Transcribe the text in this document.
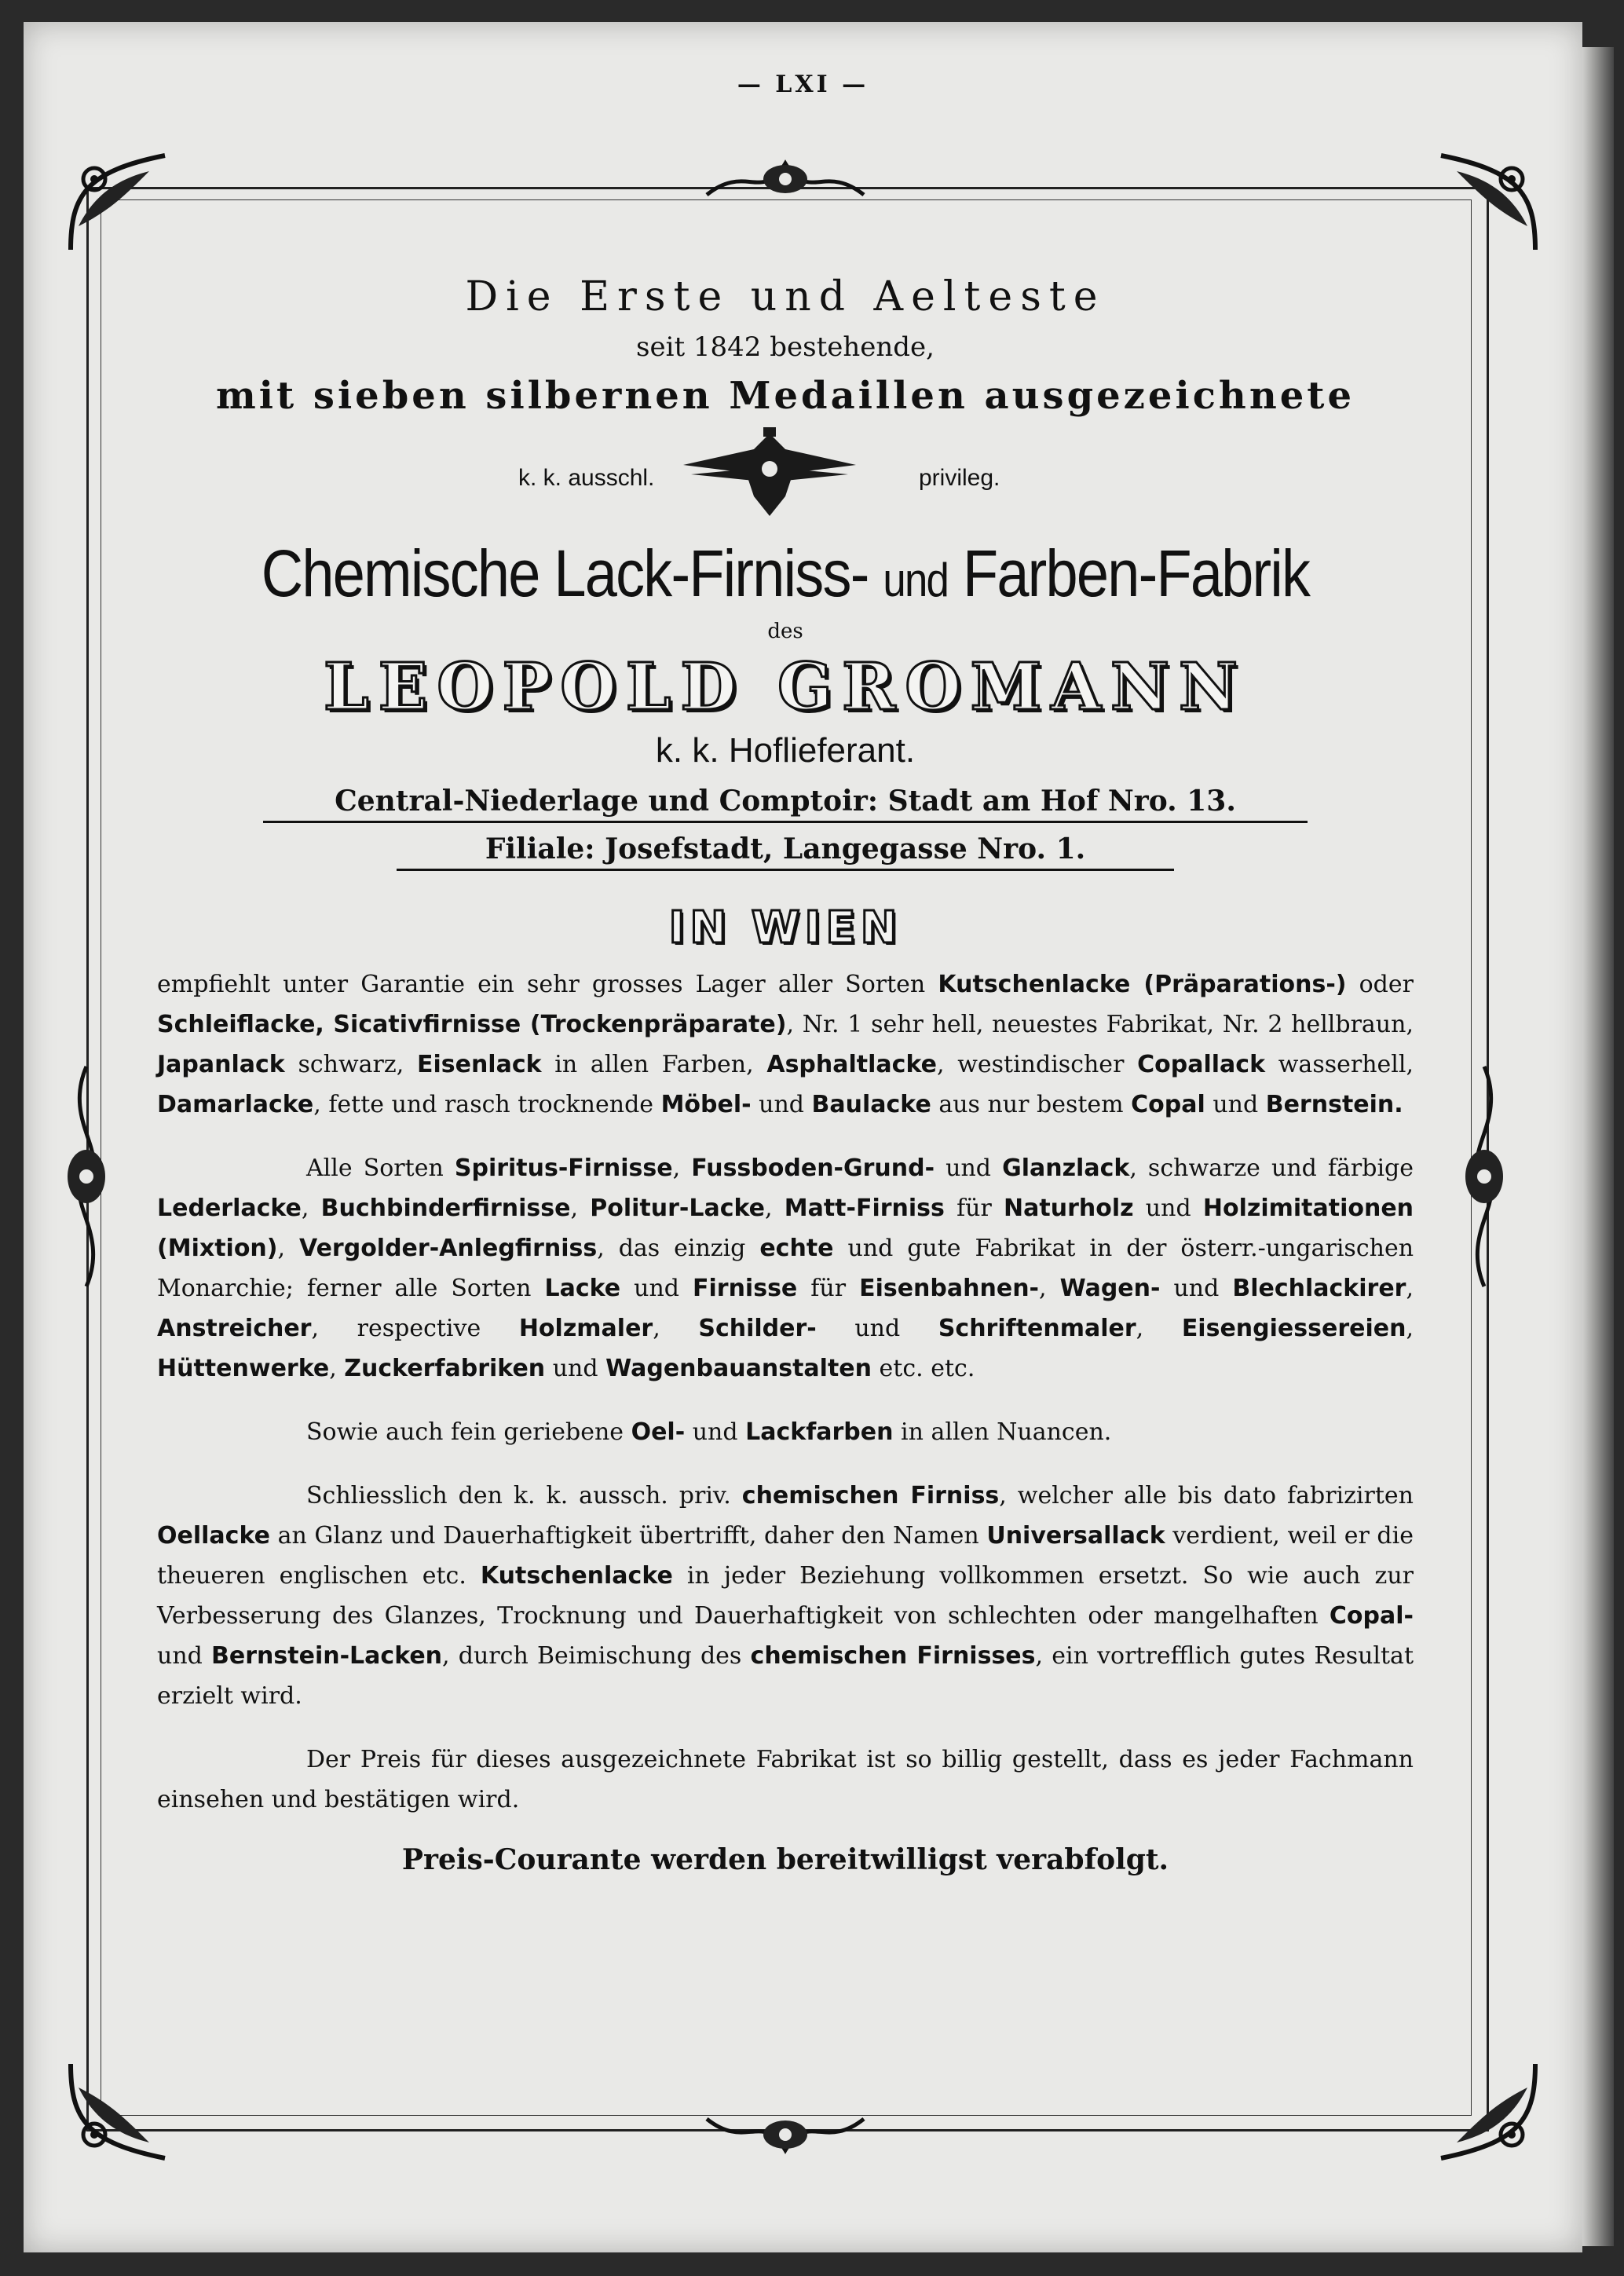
— LXI —
Die Erste und Aelteste
seit 1842 bestehende,
mit sieben silbernen Medaillen ausgezeichnete
k. k. ausschl.	privileg.
Chemische Lack-Firniss- und Farben-Fabrik
des
LEOPOLD GROMANN
k. k. Hoflieferant.
Central-Niederlage und Comptoir: Stadt am Hof Nro. 13.
Filiale: Josefstadt, Langegasse Nro. 1.
IN WIEN

empfiehlt unter Garantie ein sehr grosses Lager aller Sorten Kutschenlacke (Präparations-) oder Schleiflacke, Sicativfirnisse (Trockenpräparate), Nr. 1 sehr hell, neuestes Fabrikat, Nr. 2 hellbraun, Japanlack schwarz, Eisenlack in allen Farben, Asphaltlacke, westindischer Copallack wasserhell, Damarlacke, fette und rasch trocknende Möbel- und Baulacke aus nur bestem Copal und Bernstein.

Alle Sorten Spiritus-Firnisse, Fussboden-Grund- und Glanzlack, schwarze und färbige Lederlacke, Buchbinderfirnisse, Politur-Lacke, Matt-Firniss für Naturholz und Holzimitationen (Mixtion), Vergolder-Anlegfirniss, das einzig echte und gute Fabrikat in der österr.-ungarischen Monarchie; ferner alle Sorten Lacke und Firnisse für Eisenbahnen-, Wagen- und Blechlackirer, Anstreicher, respective Holzmaler, Schilder- und Schriftenmaler, Eisengiessereien, Hüttenwerke, Zuckerfabriken und Wagenbauanstalten etc. etc.

Sowie auch fein geriebene Oel- und Lackfarben in allen Nuancen.

Schliesslich den k. k. aussch. priv. chemischen Firniss, welcher alle bis dato fabrizirten Oellacke an Glanz und Dauerhaftigkeit übertrifft, daher den Namen Universallack verdient, weil er die theueren englischen etc. Kutschenlacke in jeder Beziehung vollkommen ersetzt. So wie auch zur Verbesserung des Glanzes, Trocknung und Dauerhaftigkeit von schlechten oder mangelhaften Copal- und Bernstein-Lacken, durch Beimischung des chemischen Firnisses, ein vortrefflich gutes Resultat erzielt wird.

Der Preis für dieses ausgezeichnete Fabrikat ist so billig gestellt, dass es jeder Fachmann einsehen und bestätigen wird.

Preis-Courante werden bereitwilligst verabfolgt.
